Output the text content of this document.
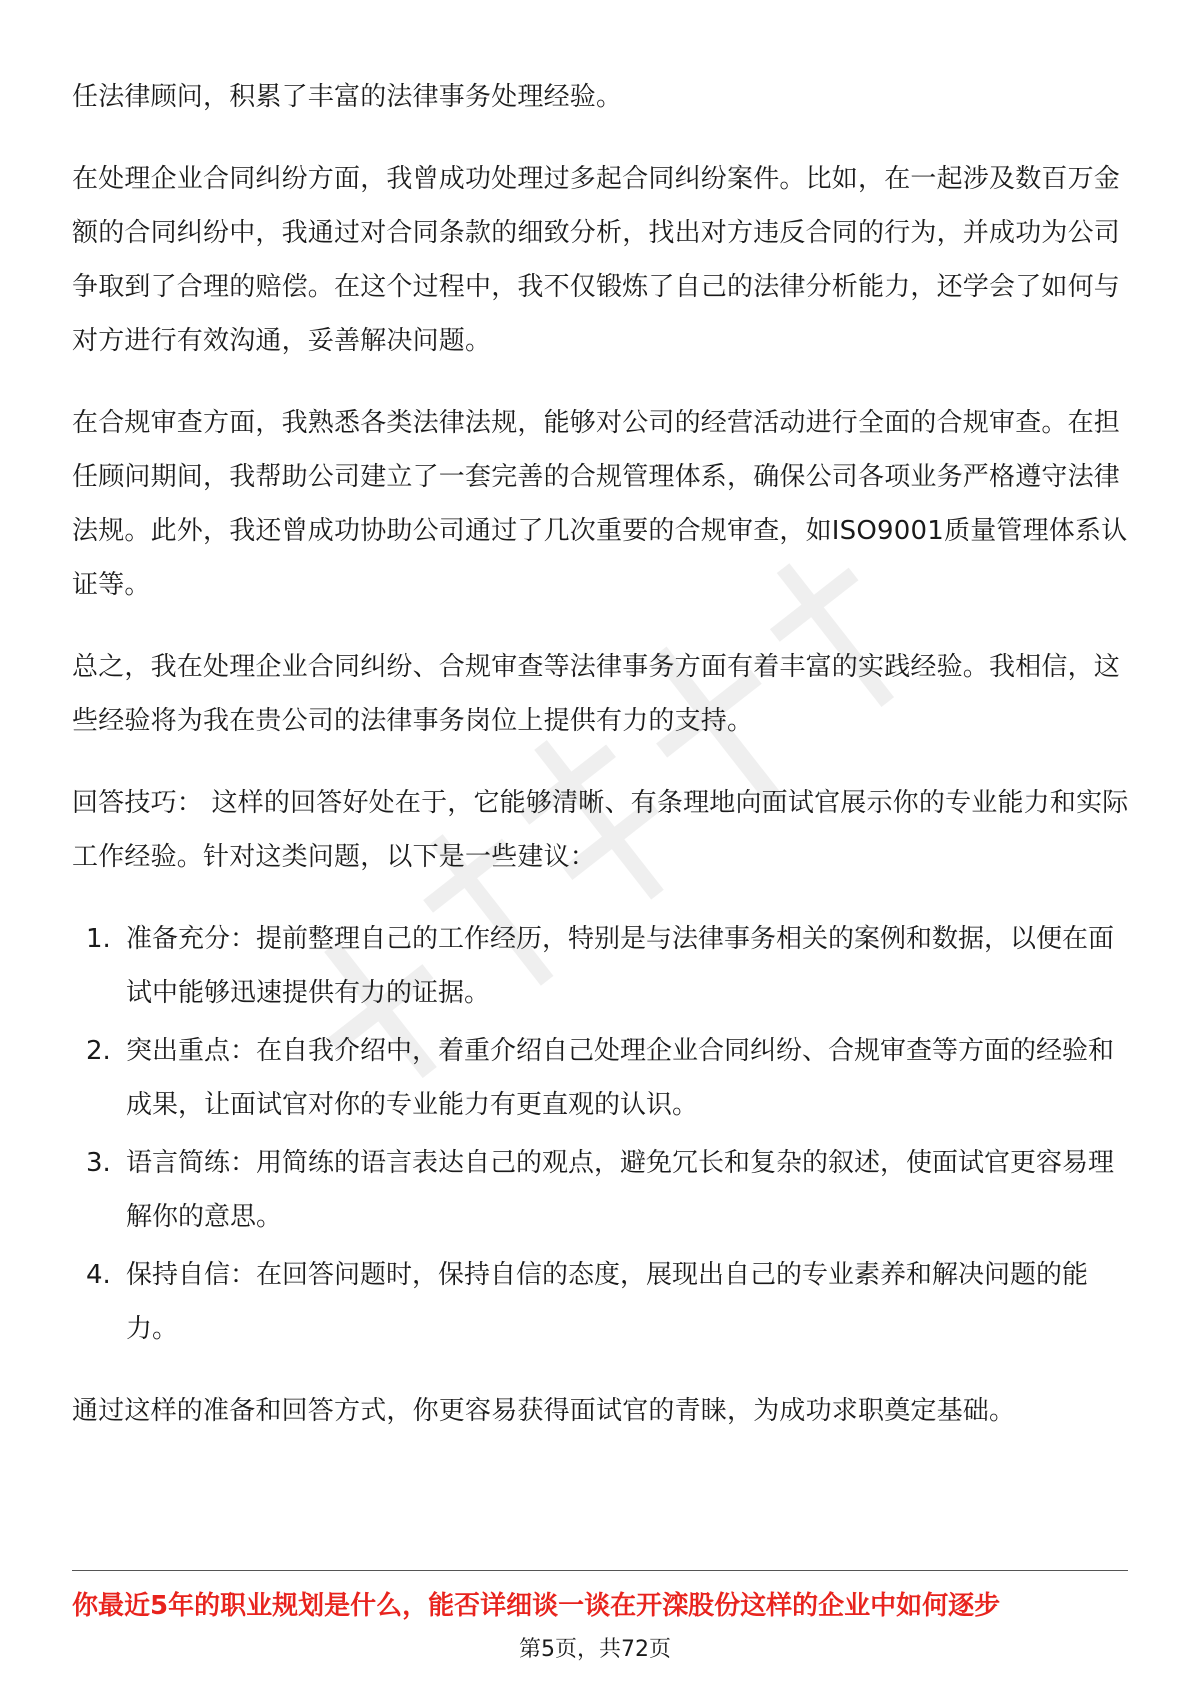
任法律顾问，积累了丰富的法律事务处理经验。

在处理企业合同纠纷方面，我曾成功处理过多起合同纠纷案件。比如，在一起涉及数百万金额的合同纠纷中，我通过对合同条款的细致分析，找出对方违反合同的行为，并成功为公司争取到了合理的赔偿。在这个过程中，我不仅锻炼了自己的法律分析能力，还学会了如何与对方进行有效沟通，妥善解决问题。

在合规审查方面，我熟悉各类法律法规，能够对公司的经营活动进行全面的合规审查。在担任顾问期间，我帮助公司建立了一套完善的合规管理体系，确保公司各项业务严格遵守法律法规。此外，我还曾成功协助公司通过了几次重要的合规审查，如ISO9001质量管理体系认证等。

总之，我在处理企业合同纠纷、合规审查等法律事务方面有着丰富的实践经验。我相信，这些经验将为我在贵公司的法律事务岗位上提供有力的支持。

回答技巧： 这样的回答好处在于，它能够清晰、有条理地向面试官展示你的专业能力和实际工作经验。针对这类问题，以下是一些建议：

1. 准备充分：提前整理自己的工作经历，特别是与法律事务相关的案例和数据，以便在面试中能够迅速提供有力的证据。
2. 突出重点：在自我介绍中，着重介绍自己处理企业合同纠纷、合规审查等方面的经验和成果，让面试官对你的专业能力有更直观的认识。
3. 语言简练：用简练的语言表达自己的观点，避免冗长和复杂的叙述，使面试官更容易理解你的意思。
4. 保持自信：在回答问题时，保持自信的态度，展现出自己的专业素养和解决问题的能力。

通过这样的准备和回答方式，你更容易获得面试官的青睐，为成功求职奠定基础。

你最近5年的职业规划是什么，能否详细谈一谈在开滦股份这样的企业中如何逐步
第5页，共72页
